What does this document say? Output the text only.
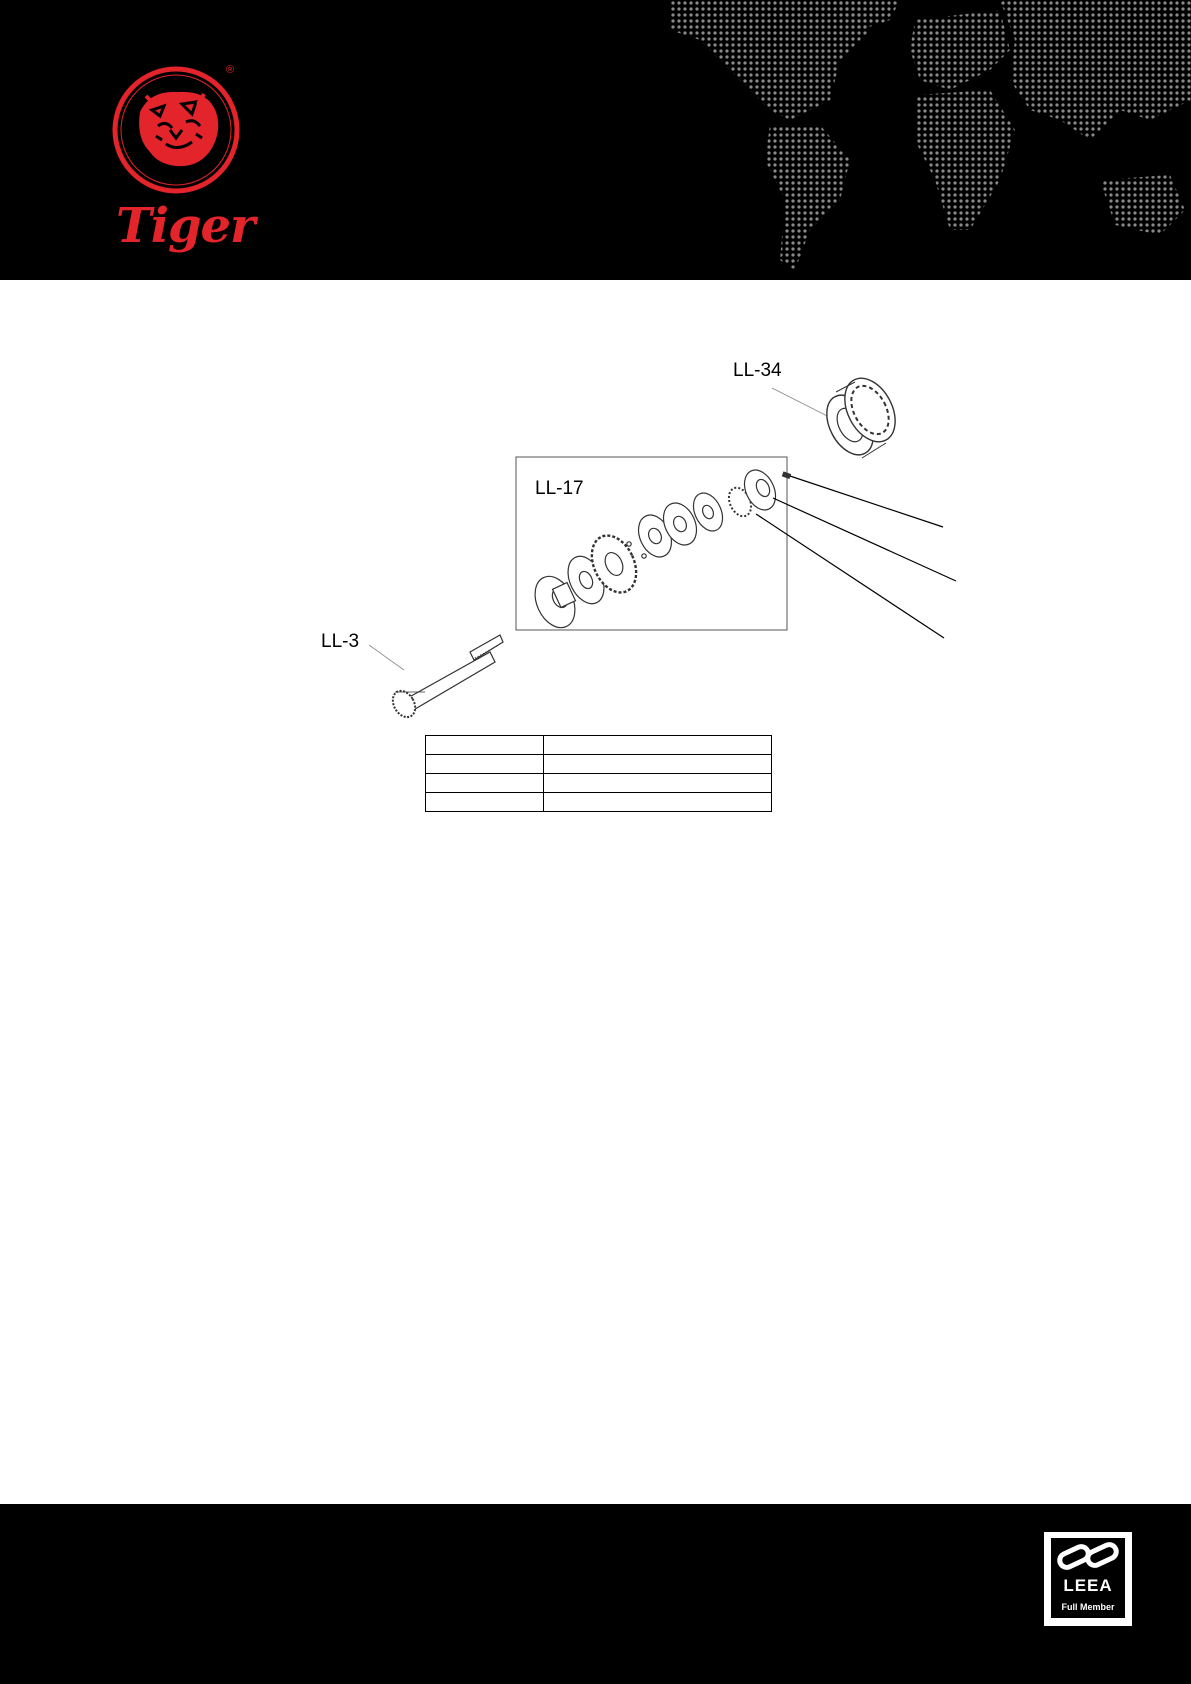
®
Tiger
LL-34
LL-17
LL-3

LEEA
Full Member
